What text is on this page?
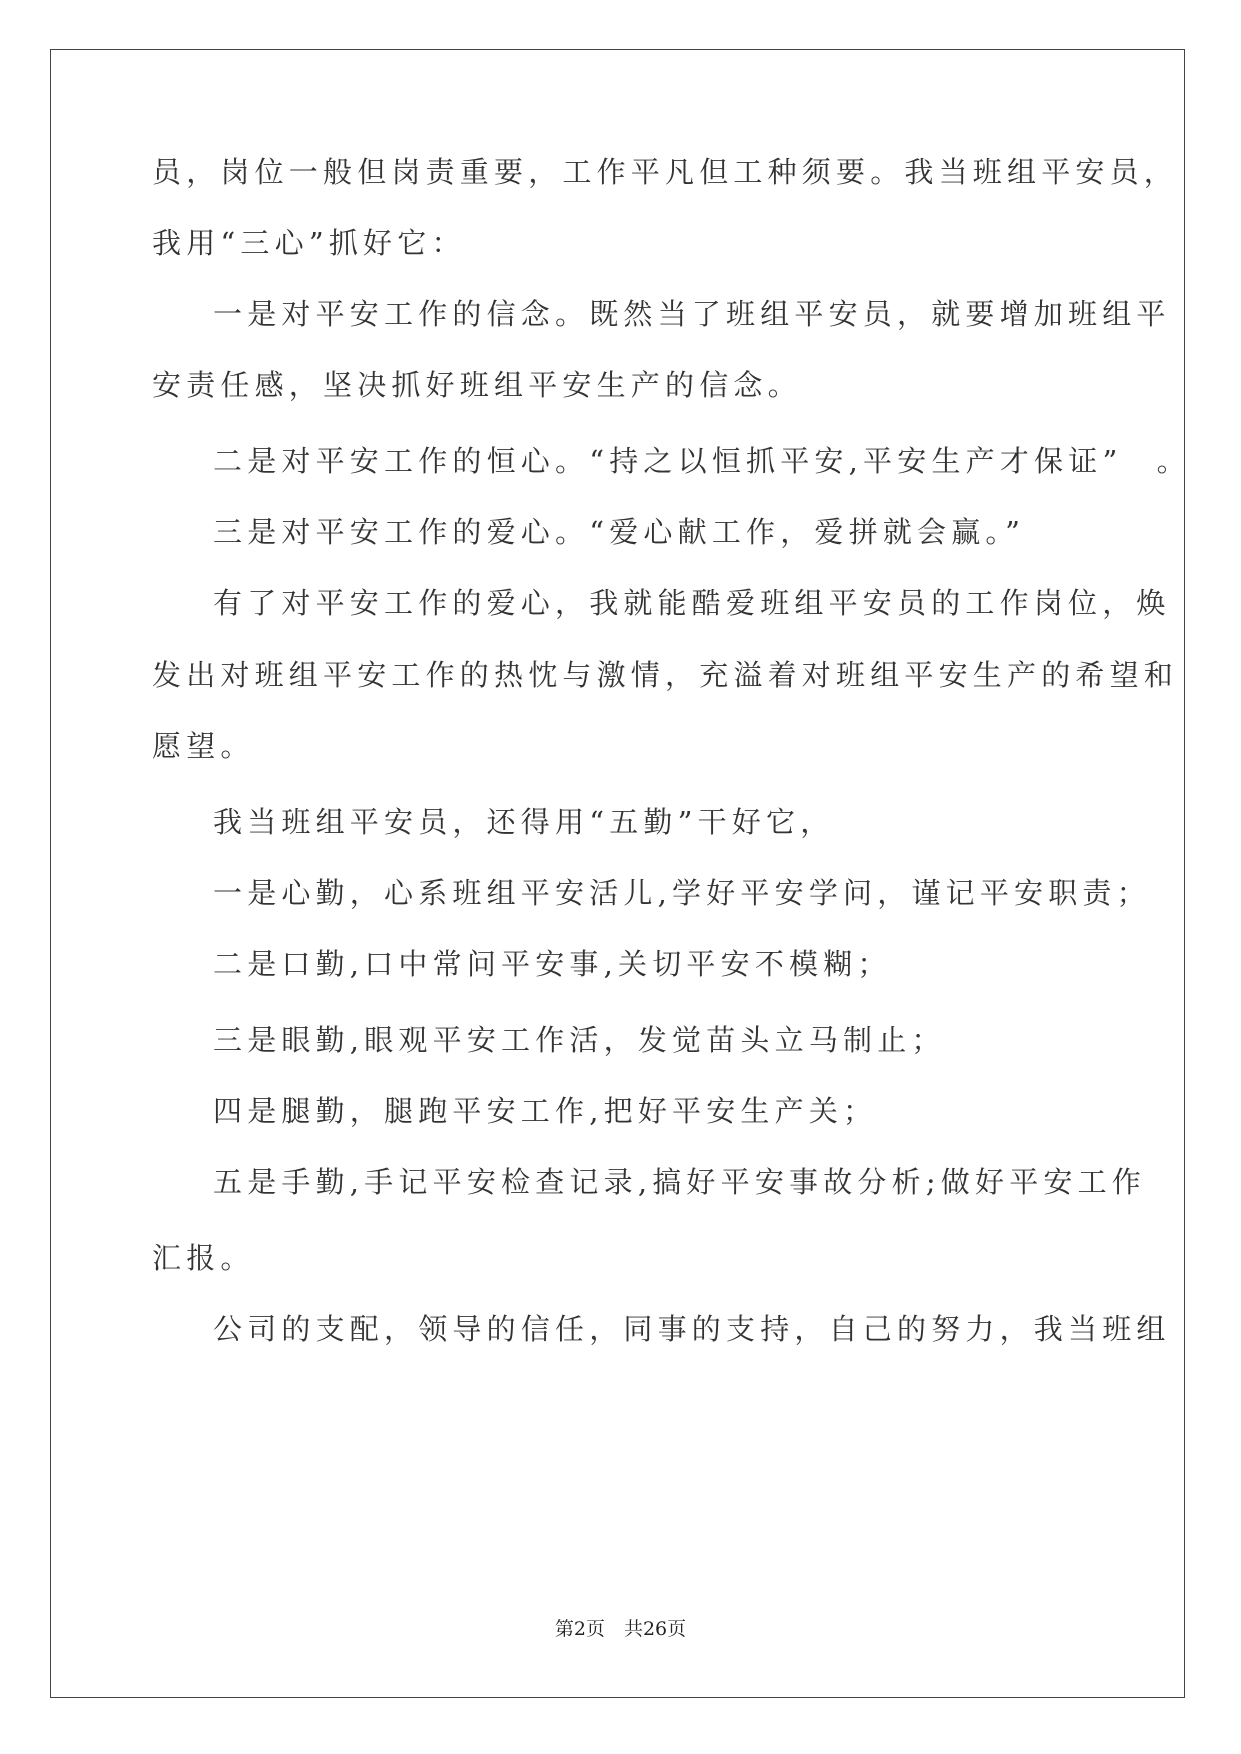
员，岗位一般但岗责重要，工作平凡但工种须要。我当班组平安员，
我用“三心”抓好它：
一是对平安工作的信念。既然当了班组平安员，就要增加班组平
安责任感，坚决抓好班组平安生产的信念。
二是对平安工作的恒心。“持之以恒抓平安,平安生产才保证”　。
三是对平安工作的爱心。“爱心献工作，爱拼就会赢。”
有了对平安工作的爱心，我就能酷爱班组平安员的工作岗位，焕
发出对班组平安工作的热忱与激情，充溢着对班组平安生产的希望和
愿望。
我当班组平安员，还得用“五勤”干好它，
一是心勤，心系班组平安活儿,学好平安学问，谨记平安职责；
二是口勤,口中常问平安事,关切平安不模糊；
三是眼勤,眼观平安工作活，发觉苗头立马制止；
四是腿勤，腿跑平安工作,把好平安生产关；
五是手勤,手记平安检查记录,搞好平安事故分析;做好平安工作
汇报。
公司的支配，领导的信任，同事的支持，自己的努力，我当班组
第2页　共26页
